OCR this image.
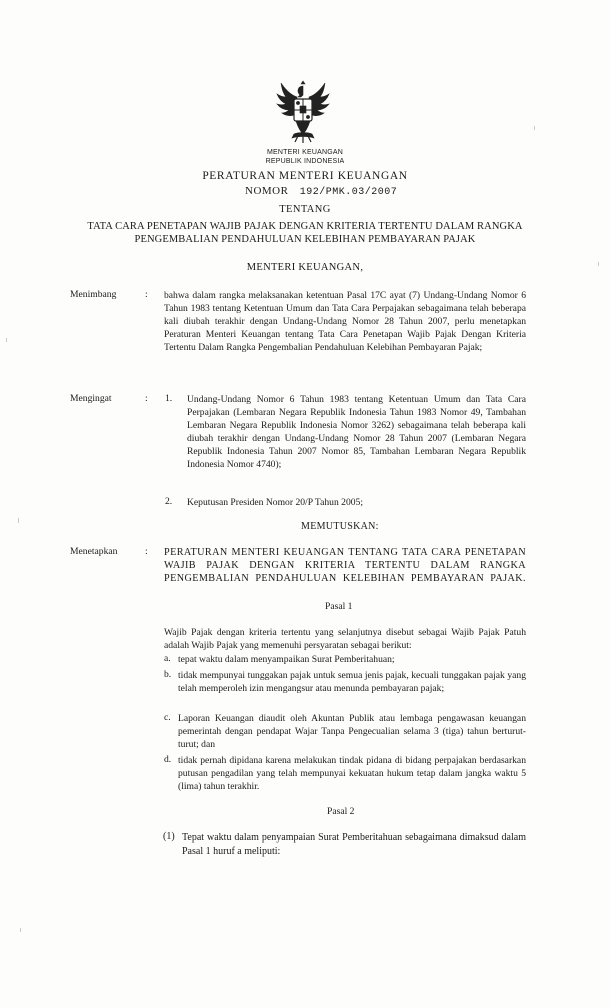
MENTERI KEUANGAN
REPUBLIK INDONESIA
PERATURAN MENTERI KEUANGAN
NOMOR 192/PMK.03/2007
TENTANG
TATA CARA PENETAPAN WAJIB PAJAK DENGAN KRITERIA TERTENTU DALAM RANGKA
PENGEMBALIAN PENDAHULUAN KELEBIHAN PEMBAYARAN PAJAK
MENTERI KEUANGAN,
Menimbang	: bahwa dalam rangka melaksanakan ketentuan Pasal 17C ayat (7) Undang-Undang Nomor 6 Tahun 1983 tentang Ketentuan Umum dan Tata Cara Perpajakan sebagaimana telah beberapa kali diubah terakhir dengan Undang-Undang Nomor 28 Tahun 2007, perlu menetapkan Peraturan Menteri Keuangan tentang Tata Cara Penetapan Wajib Pajak Dengan Kriteria Tertentu Dalam Rangka Pengembalian Pendahuluan Kelebihan Pembayaran Pajak;
Mengingat	: 1. Undang-Undang Nomor 6 Tahun 1983 tentang Ketentuan Umum dan Tata Cara Perpajakan (Lembaran Negara Republik Indonesia Tahun 1983 Nomor 49, Tambahan Lembaran Negara Republik Indonesia Nomor 3262) sebagaimana telah beberapa kali diubah terakhir dengan Undang-Undang Nomor 28 Tahun 2007 (Lembaran Negara Republik Indonesia Tahun 2007 Nomor 85, Tambahan Lembaran Negara Republik Indonesia Nomor 4740);
2. Keputusan Presiden Nomor 20/P Tahun 2005;
MEMUTUSKAN:
Menetapkan	: PERATURAN MENTERI KEUANGAN TENTANG TATA CARA PENETAPAN WAJIB PAJAK DENGAN KRITERIA TERTENTU DALAM RANGKA PENGEMBALIAN PENDAHULUAN KELEBIHAN PEMBAYARAN PAJAK.
Pasal 1
Wajib Pajak dengan kriteria tertentu yang selanjutnya disebut sebagai Wajib Pajak Patuh adalah Wajib Pajak yang memenuhi persyaratan sebagai berikut:
a. tepat waktu dalam menyampaikan Surat Pemberitahuan;
b. tidak mempunyai tunggakan pajak untuk semua jenis pajak, kecuali tunggakan pajak yang telah memperoleh izin mengangsur atau menunda pembayaran pajak;
c. Laporan Keuangan diaudit oleh Akuntan Publik atau lembaga pengawasan keuangan pemerintah dengan pendapat Wajar Tanpa Pengecualian selama 3 (tiga) tahun berturut-turut; dan
d. tidak pernah dipidana karena melakukan tindak pidana di bidang perpajakan berdasarkan putusan pengadilan yang telah mempunyai kekuatan hukum tetap dalam jangka waktu 5 (lima) tahun terakhir.
Pasal 2
(1) Tepat waktu dalam penyampaian Surat Pemberitahuan sebagaimana dimaksud dalam Pasal 1 huruf a meliputi:
